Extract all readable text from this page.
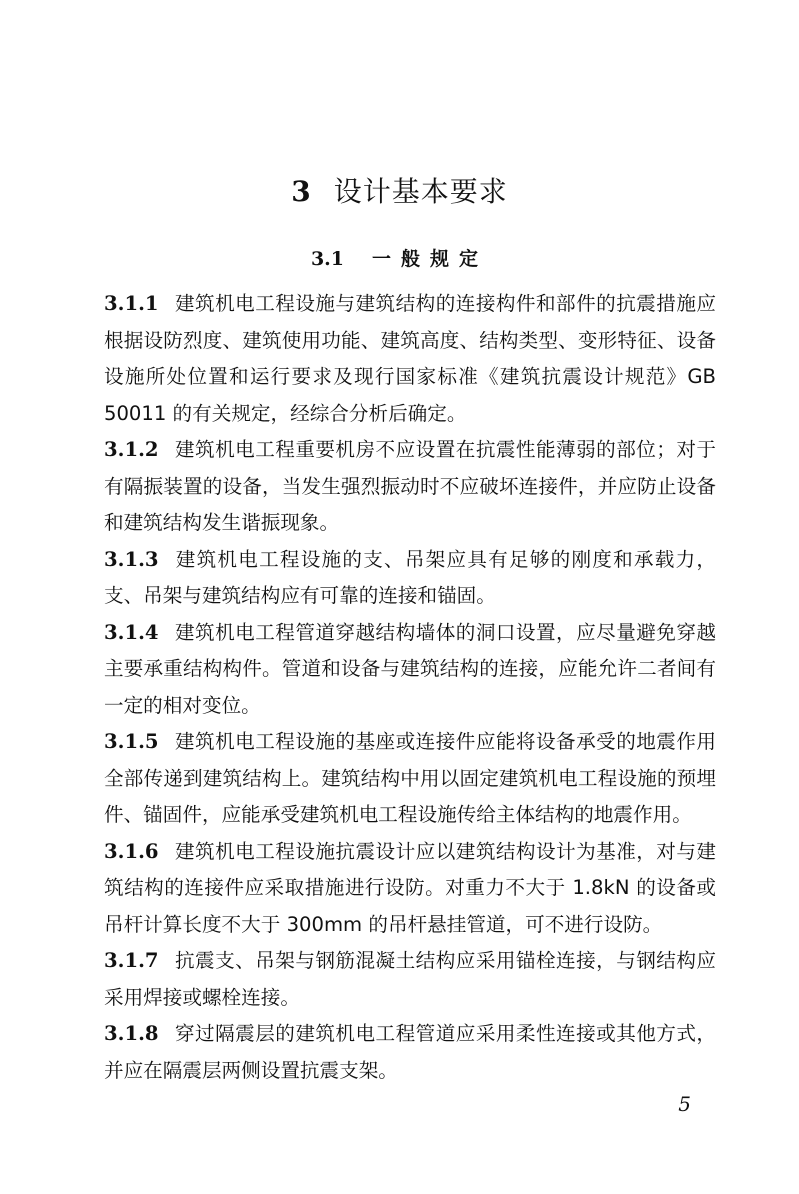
3 设计基本要求
3.1 一般规定

3.1.1 建筑机电工程设施与建筑结构的连接构件和部件的抗震措施应根据设防烈度、建筑使用功能、建筑高度、结构类型、变形特征、设备设施所处位置和运行要求及现行国家标准《建筑抗震设计规范》GB 50011 的有关规定，经综合分析后确定。

3.1.2 建筑机电工程重要机房不应设置在抗震性能薄弱的部位；对于有隔振装置的设备，当发生强烈振动时不应破坏连接件，并应防止设备和建筑结构发生谐振现象。

3.1.3 建筑机电工程设施的支、吊架应具有足够的刚度和承载力，支、吊架与建筑结构应有可靠的连接和锚固。

3.1.4 建筑机电工程管道穿越结构墙体的洞口设置，应尽量避免穿越主要承重结构构件。管道和设备与建筑结构的连接，应能允许二者间有一定的相对变位。

3.1.5 建筑机电工程设施的基座或连接件应能将设备承受的地震作用全部传递到建筑结构上。建筑结构中用以固定建筑机电工程设施的预埋件、锚固件，应能承受建筑机电工程设施传给主体结构的地震作用。

3.1.6 建筑机电工程设施抗震设计应以建筑结构设计为基准，对与建筑结构的连接件应采取措施进行设防。对重力不大于 1.8kN 的设备或吊杆计算长度不大于 300mm 的吊杆悬挂管道，可不进行设防。

3.1.7 抗震支、吊架与钢筋混凝土结构应采用锚栓连接，与钢结构应采用焊接或螺栓连接。

3.1.8 穿过隔震层的建筑机电工程管道应采用柔性连接或其他方式，并应在隔震层两侧设置抗震支架。

5
